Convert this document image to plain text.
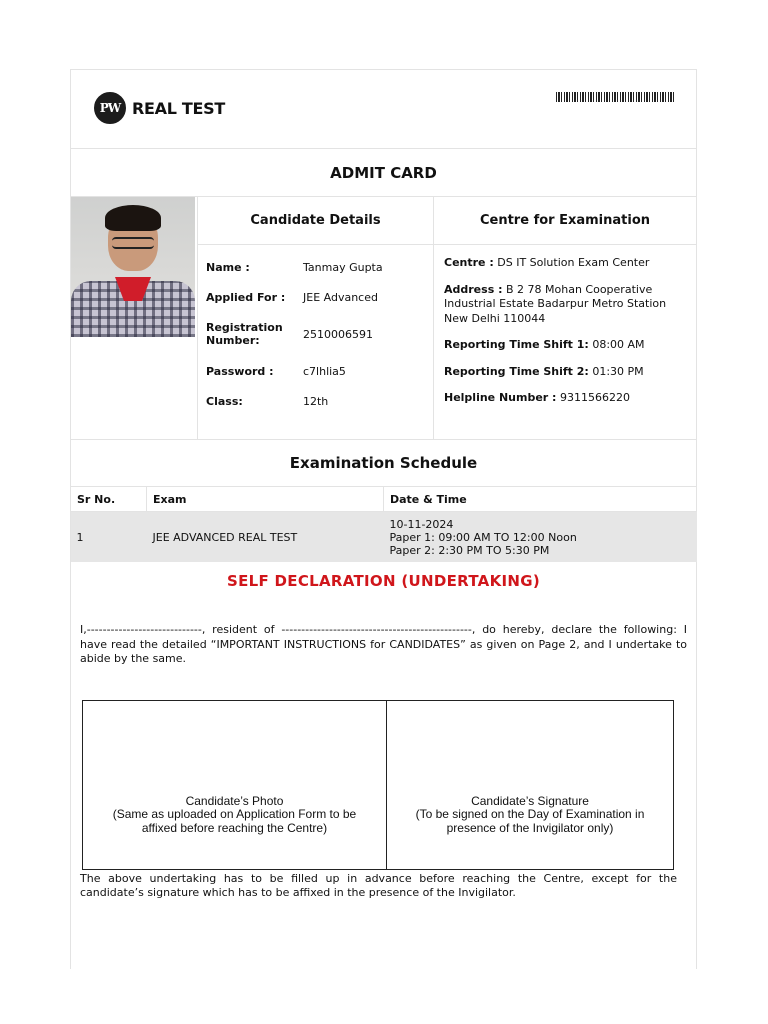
PW REAL TEST
ADMIT CARD
Candidate Details
Name :	Tanmay Gupta
Applied For :	JEE Advanced
Registration Number:	2510006591
Password :	c7lhlia5
Class:	12th
Centre for Examination

Centre : DS IT Solution Exam Center

Address : B 2 78 Mohan Cooperative Industrial Estate Badarpur Metro Station New Delhi 110044

Reporting Time Shift 1: 08:00 AM

Reporting Time Shift 2: 01:30 PM

Helpline Number : 9311566220

Examination Schedule
Sr No.	Exam	Date & Time
1	JEE ADVANCED REAL TEST	10-11-2024
Paper 1: 09:00 AM TO 12:00 Noon
Paper 2: 2:30 PM TO 5:30 PM
SELF DECLARATION (UNDERTAKING)

I,-----------------------------, resident of ------------------------------------------------, do hereby, declare the following: I have read the detailed “IMPORTANT INSTRUCTIONS for CANDIDATES” as given on Page 2, and I undertake to abide by the same.

Candidate’s Photo
(Same as uploaded on Application Form to be
affixed before reaching the Centre)
Candidate’s Signature
(To be signed on the Day of Examination in
presence of the Invigilator only)

The above undertaking has to be filled up in advance before reaching the Centre, except for the candidate’s signature which has to be affixed in the presence of the Invigilator.
